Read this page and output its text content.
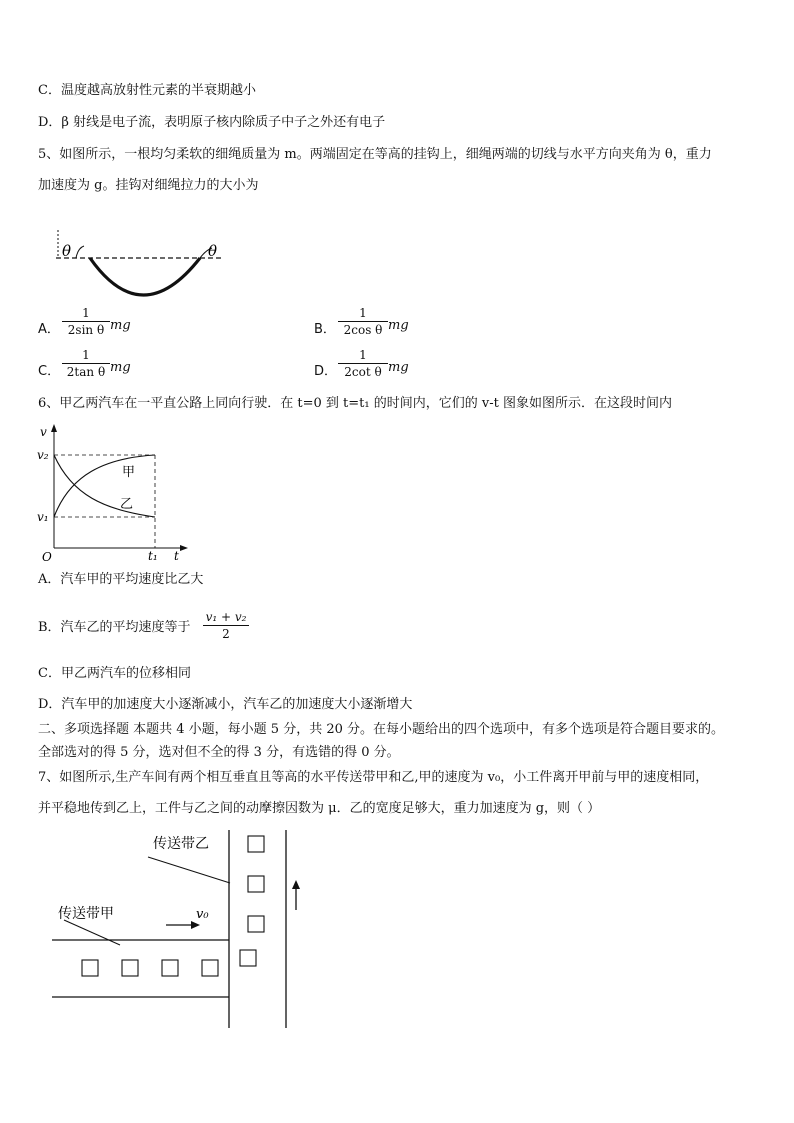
C．温度越高放射性元素的半衰期越小
D．β 射线是电子流，表明原子核内除质子中子之外还有电子
5、如图所示，一根均匀柔软的细绳质量为 m。两端固定在等高的挂钩上，细绳两端的切线与水平方向夹角为 θ，重力
加速度为 g。挂钩对细绳拉力的大小为
θ	θ
A．
1
2sin θ mg	B．
1
2cos θ mg
C．
1
2tan θ mg	D．
1
2cot θ mg
6、甲乙两汽车在一平直公路上同向行驶．在 t=0 到 t=t₁ 的时间内，它们的 v-t 图象如图所示．在这段时间内
v
t
O
v₂
v₁
t₁
甲
乙
A．汽车甲的平均速度比乙大
B．汽车乙的平均速度等于
v₁ + v₂
2
C．甲乙两汽车的位移相同
D．汽车甲的加速度大小逐渐减小，汽车乙的加速度大小逐渐增大
二、多项选择题 本题共 4 小题，每小题 5 分，共 20 分。在每小题给出的四个选项中，有多个选项是符合题目要求的。
全部选对的得 5 分，选对但不全的得 3 分，有选错的得 0 分。
7、如图所示,生产车间有两个相互垂直且等高的水平传送带甲和乙,甲的速度为 v₀，小工件离开甲前与甲的速度相同，
并平稳地传到乙上，工件与乙之间的动摩擦因数为 μ．乙的宽度足够大，重力加速度为 g，则（ ）
v₀
传送带乙
传送带甲
